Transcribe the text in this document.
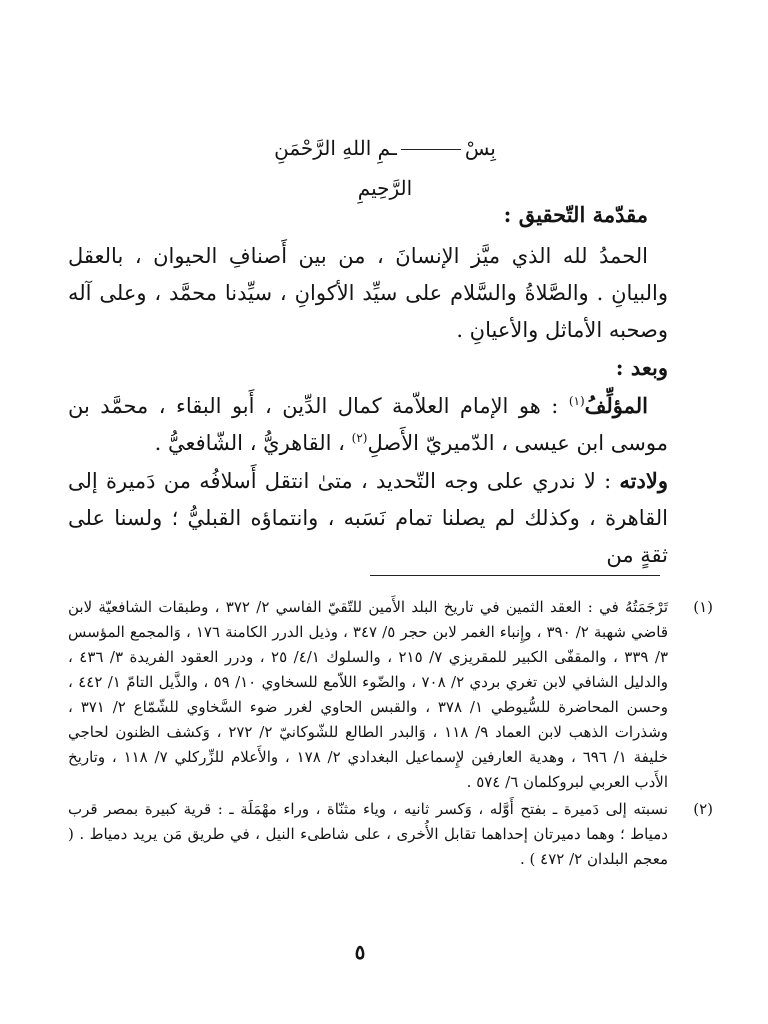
بِسْـمِ اللهِ الرَّحْمَنِ الرَّحِيمِ
مقدّمة التّحقيق :

الحمدُ لله الذي ميَّز الإنسانَ ، من بين أَصنافِ الحيوان ، بالعقل والبيانِ . والصَّلاةُ والسَّلام على سيِّد الأكوانِ ، سيِّدنا محمَّد ، وعلى آله وصحبه الأماثل والأعيانِ .

وبعد :

المؤلِّفُ$^{(١)}$ : هو الإمام العلاّمة كمال الدِّين ، أَبو البقاء ، محمَّد بن موسى ابن عيسى ، الدّميريّ الأَصلِ$^{(٢)}$ ، القاهريُّ ، الشّافعيُّ .

ولادته : لا ندري على وجه التّحديد ، متىٰ انتقل أَسلافُه من دَميرة إلى القاهرة ، وكذلك لم يصلنا تمام نَسَبه ، وانتماؤه القبليُّ ؛ ولسنا على ثقةٍ من

(١)
تَرْجَمَتُهُ في : العقد الثمين في تاريخ البلد الأَمين للتّقيّ الفاسي ٢/ ٣٧٢ ، وطبقات الشافعيّة لابن قاضي شهبة ٢/ ٣٩٠ ، وإِنباء الغمر لابن حجر ٥/ ٣٤٧ ، وذيل الدرر الكامنة ١٧٦ ، وَالمجمع المؤسس ٣/ ٣٣٩ ، والمقفّى الكبير للمقريزي ٧/ ٢١٥ ، والسلوك ٤/١/ ٢٥ ، ودرر العقود الفريدة ٣/ ٤٣٦ ، والدليل الشافي لابن تغري بردي ٢/ ٧٠٨ ، والضّوء اللاّمع للسخاوي ١٠/ ٥٩ ، والذَّيل التامّ ١/ ٤٤٢ ، وحسن المحاضرة للسُّيوطي ١/ ٣٧٨ ، والقبس الحاوي لغرر ضوء السَّخاوي للشّمّاع ٢/ ٣٧١ ، وشذرات الذهب لابن العماد ٩/ ١١٨ ، وَالبدر الطالع للشّوكانيّ ٢/ ٢٧٢ ، وَكشف الظنون لحاجي خليفة ١/ ٦٩٦ ، وهدية العارفين لإِسماعيل البغدادي ٢/ ١٧٨ ، والأَعلام للزِّركلي ٧/ ١١٨ ، وتاريخ الأَدب العربي لبروكلمان ٦/ ٥٧٤ .
(٢)
نسبته إلى دَميرة ـ بفتح أَوَّله ، وَكسر ثانيه ، وياء مثنّاة ، وراء مهْمَلَة ـ : قرية كبيرة بمصر قرب دمياط ؛ وهما دميرتان إحداهما تقابل الأُخرى ، على شاطىء النيل ، في طريق مَن يريد دمياط . ( معجم البلدان ٢/ ٤٧٢ ) .
٥
